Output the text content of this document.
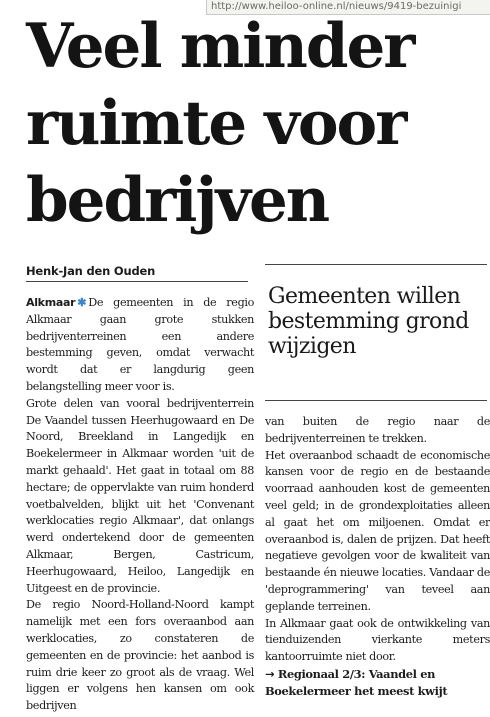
http://www.heiloo-online.nl/nieuws/9419-bezuinigi
Veel minder ruimte voor bedrijven
Henk-Jan den Ouden
Gemeenten willen bestemming grond wijzigen

Alkmaar ✱ De gemeenten in de regio Alkmaar gaan grote stukken bedrijventerreinen een andere bestemming geven, omdat verwacht wordt dat er langdurig geen belangstelling meer voor is.

Grote delen van vooral bedrijventerrein De Vaandel tussen Heerhugowaard en De Noord, Breekland in Langedijk en Boekelermeer in Alkmaar worden 'uit de markt gehaald'. Het gaat in totaal om 88 hectare; de oppervlakte van ruim honderd voetbalvelden, blijkt uit het 'Convenant werklocaties regio Alkmaar', dat onlangs werd ondertekend door de gemeenten Alkmaar, Bergen, Castricum, Heerhugowaard, Heiloo, Langedijk en Uitgeest en de provincie.

De regio Noord-Holland-Noord kampt namelijk met een fors overaanbod aan werklocaties, zo constateren de gemeenten en de provincie: het aanbod is ruim drie keer zo groot als de vraag. Wel liggen er volgens hen kansen om ook bedrijven

van buiten de regio naar de bedrijventerreinen te trekken.

Het overaanbod schaadt de economische kansen voor de regio en de bestaande voorraad aanhouden kost de gemeenten veel geld; in de grondexploitaties alleen al gaat het om miljoenen. Omdat er overaanbod is, dalen de prijzen. Dat heeft negatieve gevolgen voor de kwaliteit van bestaande én nieuwe locaties. Vandaar de 'deprogrammering' van teveel aan geplande terreinen.

In Alkmaar gaat ook de ontwikkeling van tienduizenden vierkante meters kantoorruimte niet door.

→ Regionaal 2/3: Vaandel en Boekelermeer het meest kwijt
